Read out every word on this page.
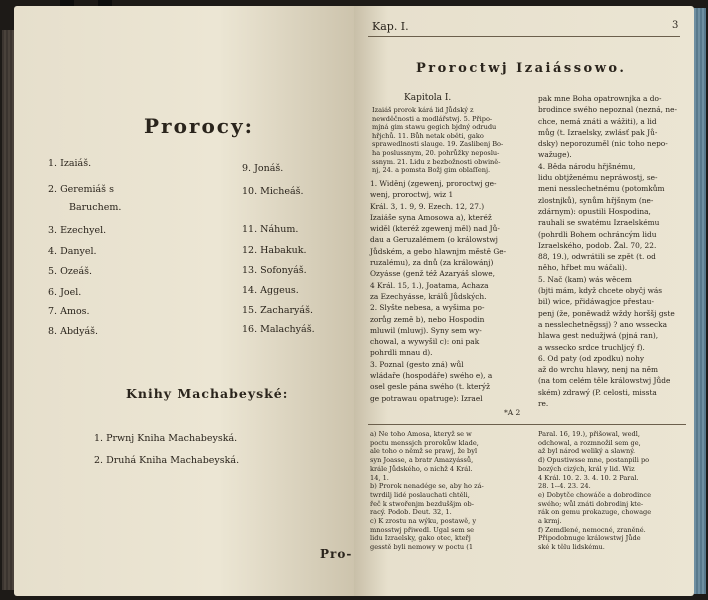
Prorocy:
1. Izaiáš.
2. Geremiáš s
Baruchem.
3. Ezechyel.
4. Danyel.
5. Ozeáš.
6. Joel.
7. Amos.
8. Abdyáš.
9. Jonáš.
10. Micheáš.
11. Náhum.
12. Habakuk.
13. Sofonyáš.
14. Aggeus.
15. Zacharyáš.
16. Malachyáš.
Knihy Machabeyské:
1. Prwnj Kniha Machabeyská.
2. Druhá Kniha Machabeyská.
Pro-
Kap. I.	3
Proroctwj Izaiássowo.
Kapitola I.

Izaiáš prorok kárá lid Jůdský z

newděčnosti a modlářstwj. 5. Připo-

mjná gim stawu gegich bjdný odrudu

hřjchů. 11. Bůh netak oběti, gako

sprawedlnosti slauge. 19. Zaslibenj Bo-

ha poslussnym, 20. pohrůžky neposlu-

ssnym. 21. Lidu z bezbožnosti obwině-

nj, 24. a pomsta Božj gim oblaſſenj.

1. Widěnj (zgewenj, proroctwj ge-

wenj, proroctwj, wiz 1

Král. 3, 1. 9, 9. Ezech. 12, 27.)

Izaiáše syna Amosowa a), kteréž

widěl (kteréž zgewenj měl) nad Jů-

dau a Geruzalémem (o králowstwj

Jůdském, a gebo hlawnjm městě Ge-

ruzalému), za dnů (za králowánj)

Ozyásse (genž též Azaryáš slowe,

4 Král. 15, 1.), Joatama, Achaza

za Ezechyásse, králů Jůdských.

2. Slyšte nebesa, a wyšima po-

zorůg země b), nebo Hospodin

mluwil (mluwj). Syny sem wy-

chowal, a wywyšil c): oni pak

pohrdli mnau d).

3. Poznal (gesto zná) wůl

wládaře (hospodáře) swého e), a

osel gesle pána swého (t. kterýž

ge potrawau opatruge): Izrael

*A 2

pak mne Boha opatrownjka a do-

brodince swého nepoznal (nezná, ne-

chce, nemá znáti a wážiti), a lid

můg (t. Izraelsky, zwlásť pak Jů-

dsky) neporozuměl (nic toho nepo-

wažuge).

4. Běda národu hřjšnému,

lidu obtjženému nepráwostj, se-

meni nesslechetnému (potomkům

zlostnjků), synům hřjšnym (ne-

zdárnym): opustili Hospodina,

rauhali se swatému Izraelskému

(pohrdli Bohem ochráncým lidu

Izraelského, podob. Žal. 70, 22.

88, 19.), odwrátili se zpět (t. od

něho, hřbet mu wáčali).

5. Nač (kam) wás wěcem

(bjti mám, když chcete obyčj wás

bil) wice, přidáwagjce přestau-

penj (že, poněwadž wždy horššj gste

a nesslechetněgssj) ? ano wssecka

hlawa gest nedužjwá (pjná ran),

a wssecko srdce truchljcý f).

6. Od paty (od zpodku) nohy

až do wrchu hlawy, nenj na něm

(na tom celém těle králowstwj Jůde

ském) zdrawý (P. celosti, missta

re.

a) Ne toho Amosa, kteryž se w

poctu menssjch prorokůw klade,

ale toho o němž se prawj, že byl

syn Joasse, a bratr Amazyássů,

krále Jůdského, o nichž 4 Král.

14, 1.

b) Prorok nenadége se, aby ho zá-

twrdilj lidé poslauchati chtěli,

řeč k stwořenjm bezduššjm ob-

racý. Podob. Deut. 32, 1.

c) K zrostu na wýku, postawě, y

mnosstwj přiwedl. Ugal sem se

lidu Izraelsky, gako otec, kteřj

gesstě byli nemowy w poctu (1

Paral. 16, 19.), přišowal, wedl,

odchowal, a rozmnožil sem ge,

až byl národ weliký a slawný.

d) Opustiwsse mne, postanpili po

bozých cizých, král y lid. Wiz

4 Král. 10. 2. 3. 4. 10. 2 Paral.

28. 1--4. 23. 24.

e) Dobytče chowáče a dobrodince

swého; wůl znáti dobrodinj kte-

rák on gemu prokazuge, chowage

a krmj.

f) Zemdlené, nemocné, zraněné.

Připodobnuge králowstwj Jůde

ské k tělu lidskému.
